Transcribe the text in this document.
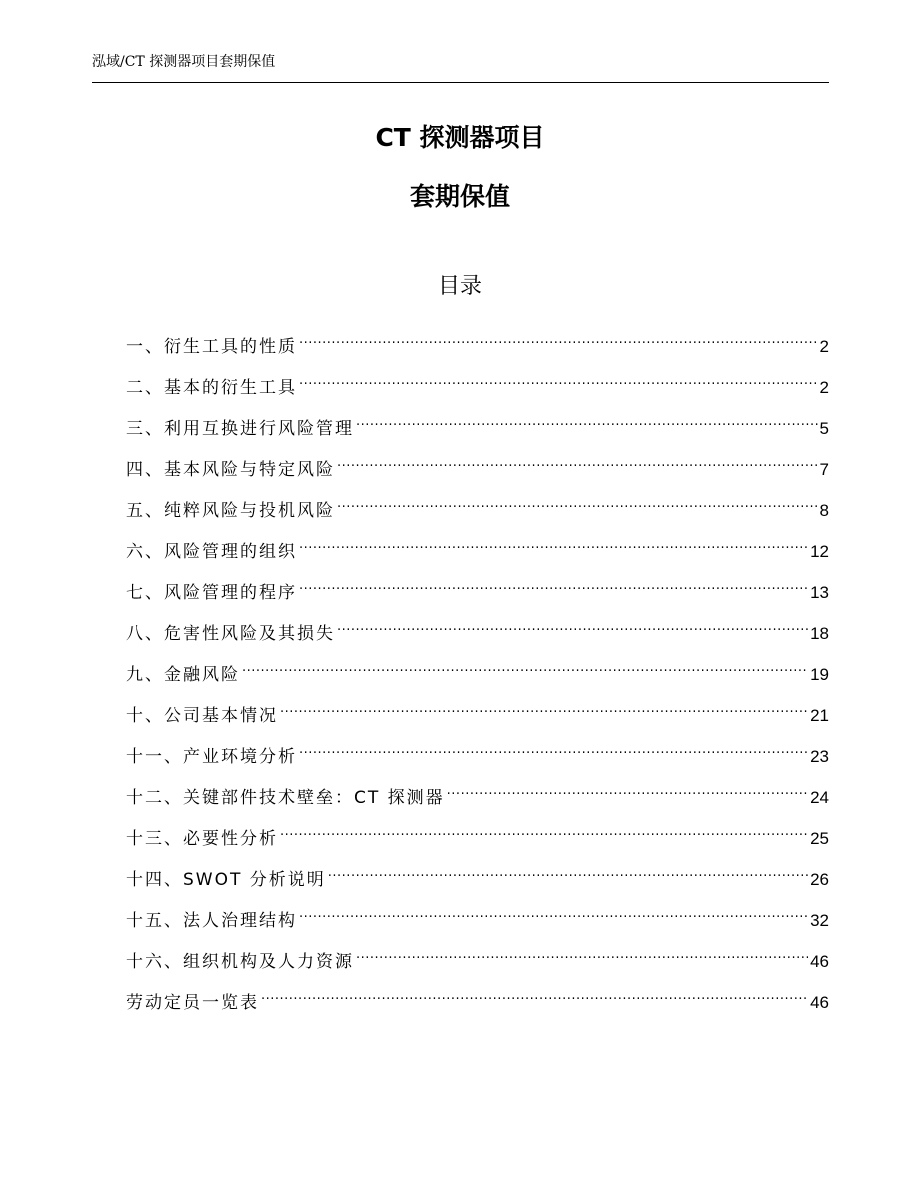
泓域/CT 探测器项目套期保值
CT 探测器项目
套期保值
目录
一、 衍生工具的性质 .....	2
二、 基本的衍生工具 .....	2
三、 利用互换进行风险管理 .....	5
四、 基本风险与特定风险 .....	7
五、 纯粹风险与投机风险 .....	8
六、 风险管理的组织 .....	12
七、 风险管理的程序 .....	13
八、 危害性风险及其损失 .....	18
九、 金融风险 .....	19
十、 公司基本情况 .....	21
十一、 产业环境分析 .....	23
十二、 关键部件技术壁垒：CT 探测器 .....	24
十三、 必要性分析 .....	25
十四、 SWOT 分析说明 .....	26
十五、 法人治理结构 .....	32
十六、 组织机构及人力资源 .....	46
劳动定员一览表 .....	46
